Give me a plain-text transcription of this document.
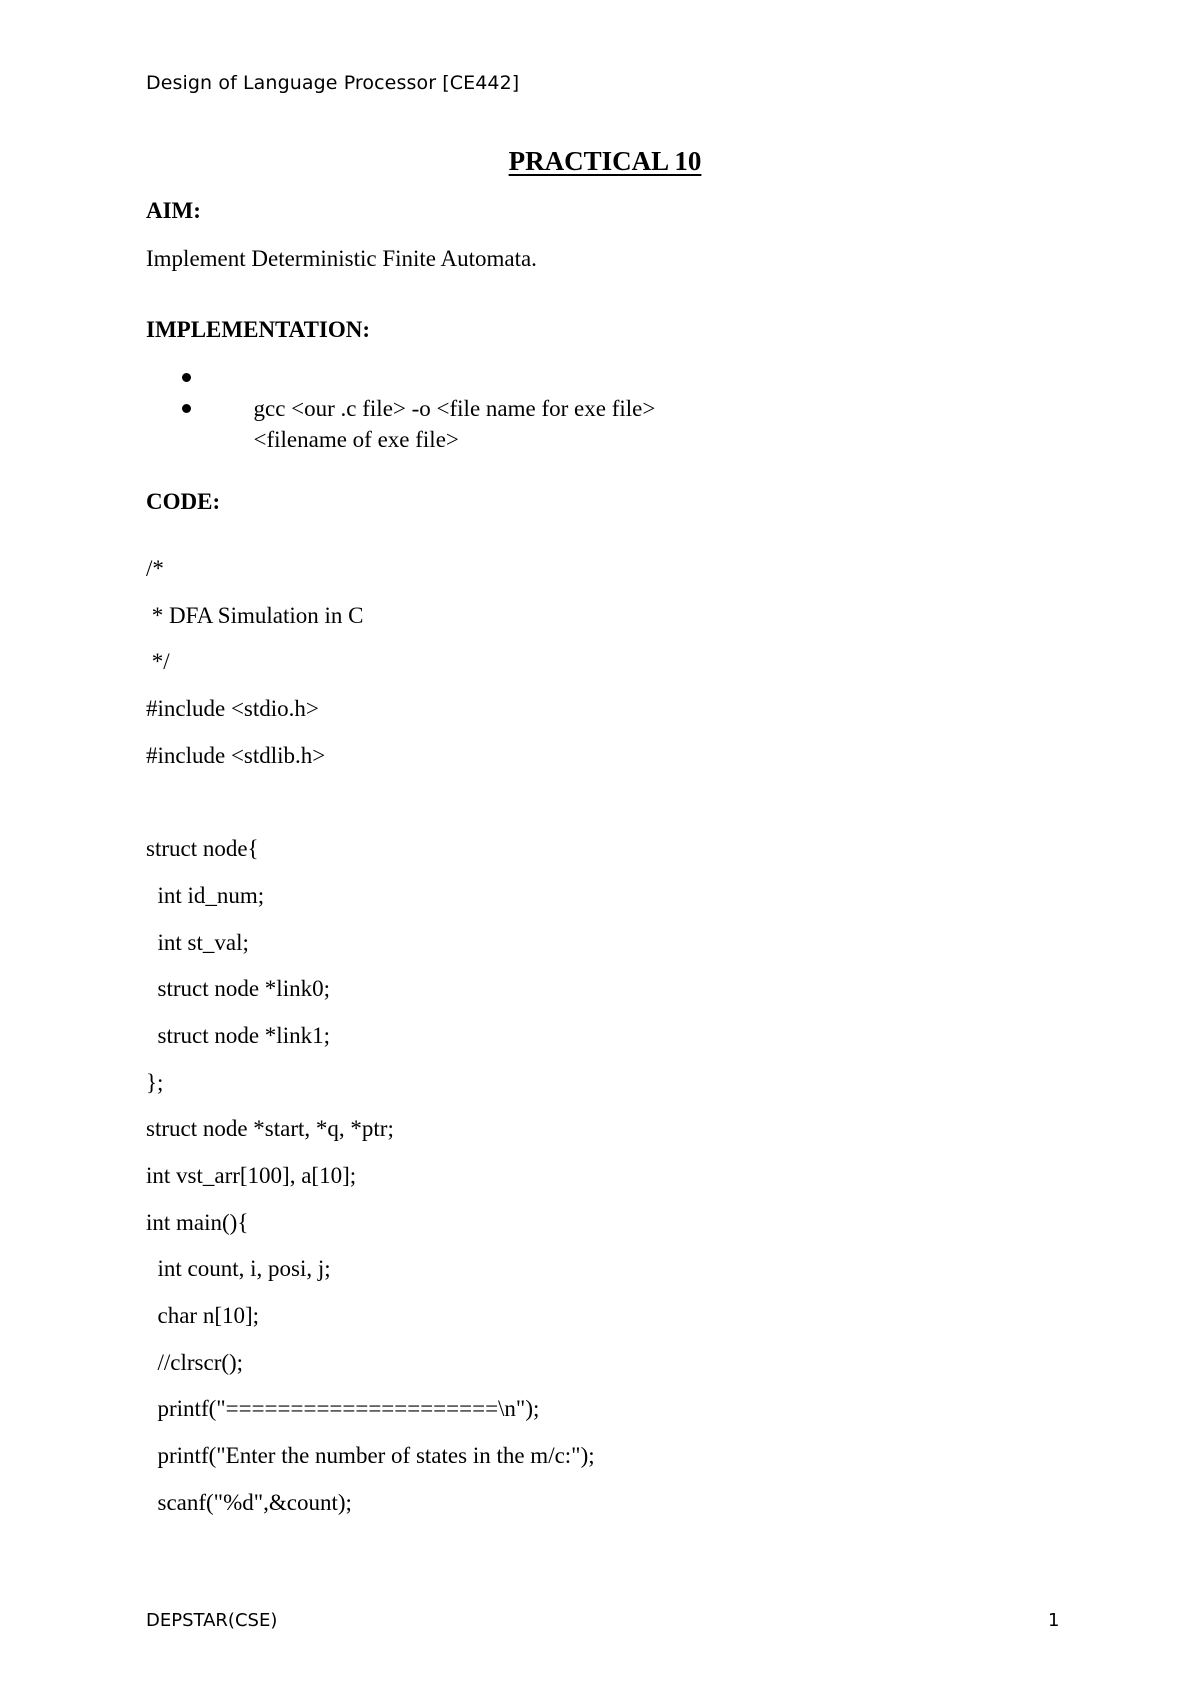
Design of Language Processor [CE442]
PRACTICAL 10
AIM:
Implement Deterministic Finite Automata.
IMPLEMENTATION:

gcc <our .c file> -o <file name for exe file>

<filename of exe file>

CODE:
/*
* DFA Simulation in C
*/
#include <stdio.h>
#include <stdlib.h>
struct node{
int id_num;
int st_val;
struct node *link0;
struct node *link1;
};
struct node *start, *q, *ptr;
int vst_arr[100], a[10];
int main(){
int count, i, posi, j;
char n[10];
//clrscr();
printf("=====================\n");
printf("Enter the number of states in the m/c:");
scanf("%d",&count);
DEPSTAR(CSE)	1
